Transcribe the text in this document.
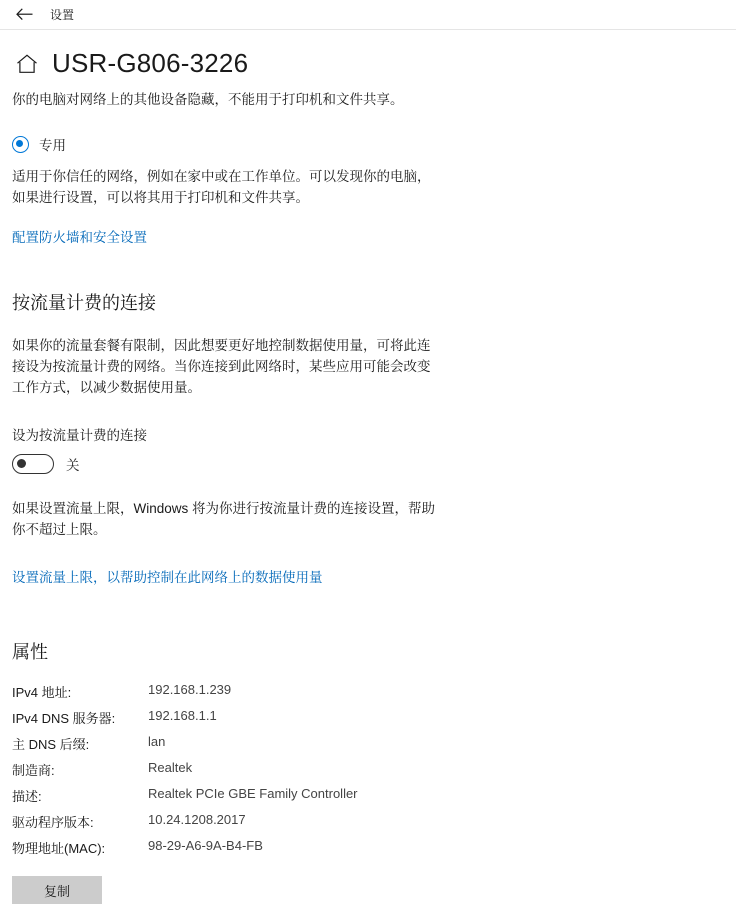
设置
USR-G806-3226

你的电脑对网络上的其他设备隐藏，不能用于打印机和文件共享。

专用

适用于你信任的网络，例如在家中或在工作单位。可以发现你的电脑，如果进行设置，可以将其用于打印机和文件共享。

配置防火墙和安全设置
按流量计费的连接

如果你的流量套餐有限制，因此想要更好地控制数据使用量，可将此连接设为按流量计费的网络。当你连接到此网络时，某些应用可能会改变工作方式，以减少数据使用量。

设为按流量计费的连接
关

如果设置流量上限，Windows 将为你进行按流量计费的连接设置，帮助你不超过上限。

设置流量上限，以帮助控制在此网络上的数据使用量
属性
IPv4 地址:	192.168.1.239
IPv4 DNS 服务器:	192.168.1.1
主 DNS 后缀:	lan
制造商:	Realtek
描述:	Realtek PCIe GBE Family Controller
驱动程序版本:	10.24.1208.2017
物理地址(MAC):	98-29-A6-9A-B4-FB
复制
